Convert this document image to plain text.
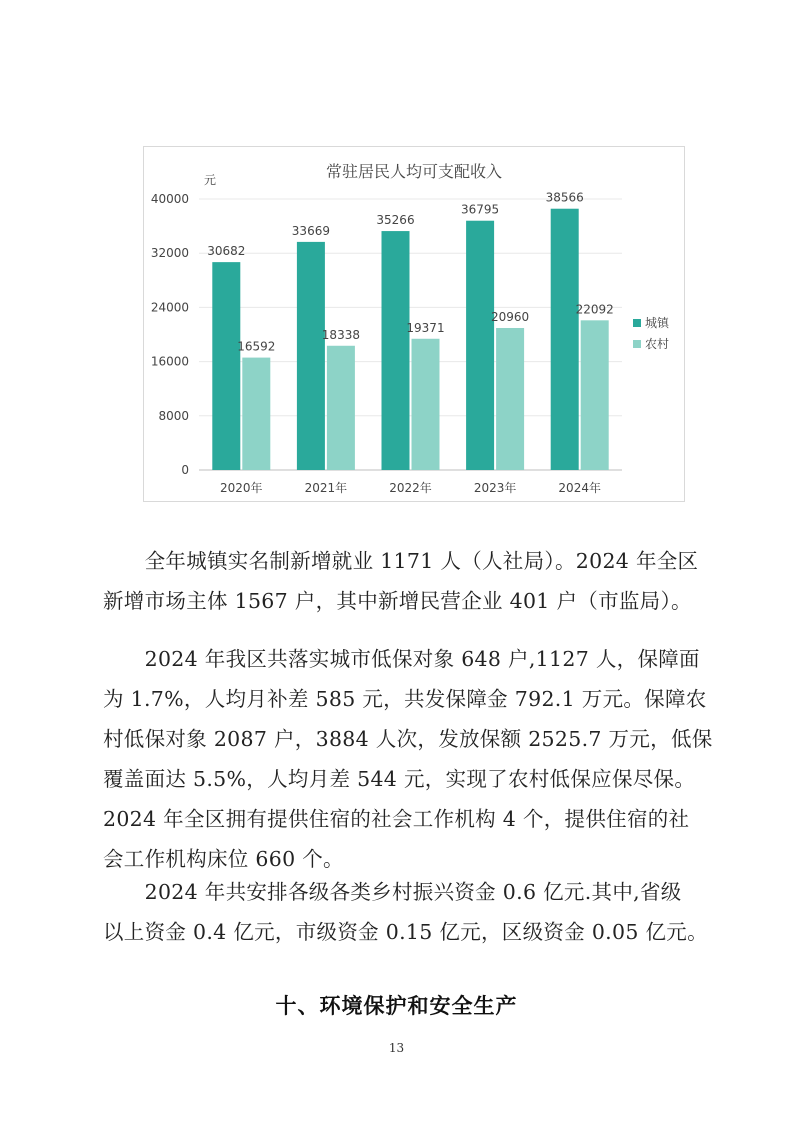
常驻居民人均可支配收入
元
0
8000
16000
24000
32000
40000
30682
16592
2020年
33669
18338
2021年
35266
19371
2022年
36795
20960
2023年
38566
22092
2024年
城镇
农村

　　全年城镇实名制新增就业 1171 人（人社局）。2024 年全区
新增市场主体 1567 户，其中新增民营企业 401 户（市监局）。

　　2024 年我区共落实城市低保对象 648 户,1127 人，保障面
为 1.7%，人均月补差 585 元，共发保障金 792.1 万元。保障农
村低保对象 2087 户，3884 人次，发放保额 2525.7 万元，低保
覆盖面达 5.5%，人均月差 544 元，实现了农村低保应保尽保。
2024 年全区拥有提供住宿的社会工作机构 4 个，提供住宿的社
会工作机构床位 660 个。

　　2024 年共安排各级各类乡村振兴资金 0.6 亿元.其中,省级
以上资金 0.4 亿元，市级资金 0.15 亿元，区级资金 0.05 亿元。

十、环境保护和安全生产
13
